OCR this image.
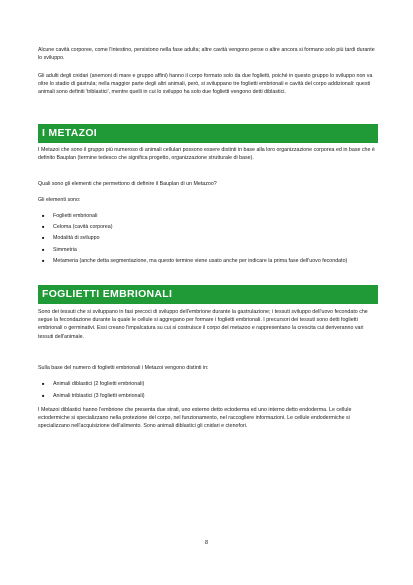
Alcune cavità corporee, come l'intestino, persistono nella fase adulta; altre cavità vengono perse o altre ancora si formano solo più tardi durante lo sviluppo.

Gli adulti degli cnidari (anemoni di mare e gruppo affini) hanno il corpo formato solo da due foglietti, poiché in questo gruppo lo sviluppo non va oltre lo stadio di gastrula; nella maggior parte degli altri animali, però, si sviluppano tre foglietti embrionali e cavità del corpo addizionali: questi animali sono definiti 'triblastici', mentre quelli in cui lo sviluppo ha solo due foglietti vengono detti diblastici.

I METAZOI

I Metazoi che sono il gruppo più numeroso di animali cellulari possono essere distinti in base alla loro organizzazione corporea ed in base che è definito Bauplan (termine tedesco che significa progetto, organizzazione strutturale di base).

Quali sono gli elementi che permettono di definire il Bauplan di un Metazoo?

Gli elementi sono:

■ Foglietti embrionali
■ Celoma (cavità corporea)
■ Modalità di sviluppo
■ Simmetria
■ Metameria (anche detta segmentazione, ma questo termine viene usato anche per indicare la prima fase dell'uovo fecondato)
FOGLIETTI EMBRIONALI

Sono dei tessuti che si sviluppano in fasi precoci di sviluppo dell'embrione durante la gastrulazione; i tessuti sviluppo dell'uovo fecondato che segue la fecondazione durante la quale le cellule si aggregano per formare i foglietti embrionali. I precursori dei tessuti sono detti foglietti embrionali o germinativi. Essi creano l'impalcatura su cui si costruisce il corpo del metazoo e rappresentano la crescita cui deriveranno vari tessuti dell'animale.

Sulla base del numero di foglietti embrionali i Metazoi vengono distinti in:

■ Animali diblastici (2 foglietti embrionali)
■ Animali triblastici (3 foglietti embrionali)

I Metazoi diblastici hanno l'embrione che presenta due strati, uno esterno detto ectoderma ed uno interno detto endoderma. Le cellule ectodermiche si specializzano nella protezione del corpo, nel funzionamento, nel raccogliere informazioni. Le cellule endodermiche si specializzano nell'acquisizione dell'alimento. Sono animali diblastici gli cnidari e ctenofori.

8
